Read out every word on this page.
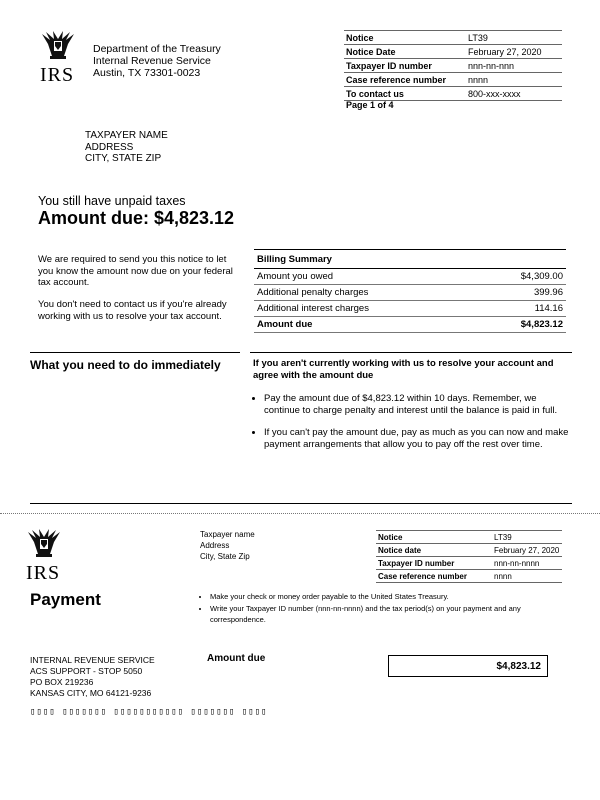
IRS
Department of the Treasury
Internal Revenue Service
Austin, TX 73301-0023
Notice	LT39
Notice Date	February 27, 2020
Taxpayer ID number	nnn-nn-nnn
Case reference number	nnnn
To contact us	800-xxx-xxxx
Page 1 of 4
TAXPAYER NAME
ADDRESS
CITY, STATE ZIP
You still have unpaid taxes
Amount due: $4,823.12
We are required to send you this notice to let you know the amount now due on your federal tax account.
You don't need to contact us if you're already working with us to resolve your tax account.
Billing Summary	
Amount you owed	$4,309.00
Additional penalty charges	399.96
Additional interest charges	114.16
Amount due	$4,823.12
What you need to do immediately	If you aren't currently working with us to resolve your account and agree with the amount due
• Pay the amount due of $4,823.12 within 10 days. Remember, we continue to charge penalty and interest until the balance is paid in full.
• If you can't pay the amount due, pay as much as you can now and make payment arrangements that allow you to pay off the rest over time.
IRS
Taxpayer name
Address
City, State Zip
Notice	LT39
Notice date	February 27, 2020
Taxpayer ID number	nnn-nn-nnnn
Case reference number	nnnn
Payment	• Make your check or money order payable to the United States Treasury.
• Write your Taxpayer ID number (nnn-nn-nnnn) and the tax period(s) on your payment and any correspondence.
INTERNAL REVENUE SERVICE
ACS SUPPORT - STOP 5050
PO BOX 219236
KANSAS CITY, MO 64121-9236
Amount due
$4,823.12
▯▯▯▯ ▯▯▯▯▯▯▯ ▯▯▯▯▯▯▯▯▯▯▯ ▯▯▯▯▯▯▯ ▯▯▯▯
